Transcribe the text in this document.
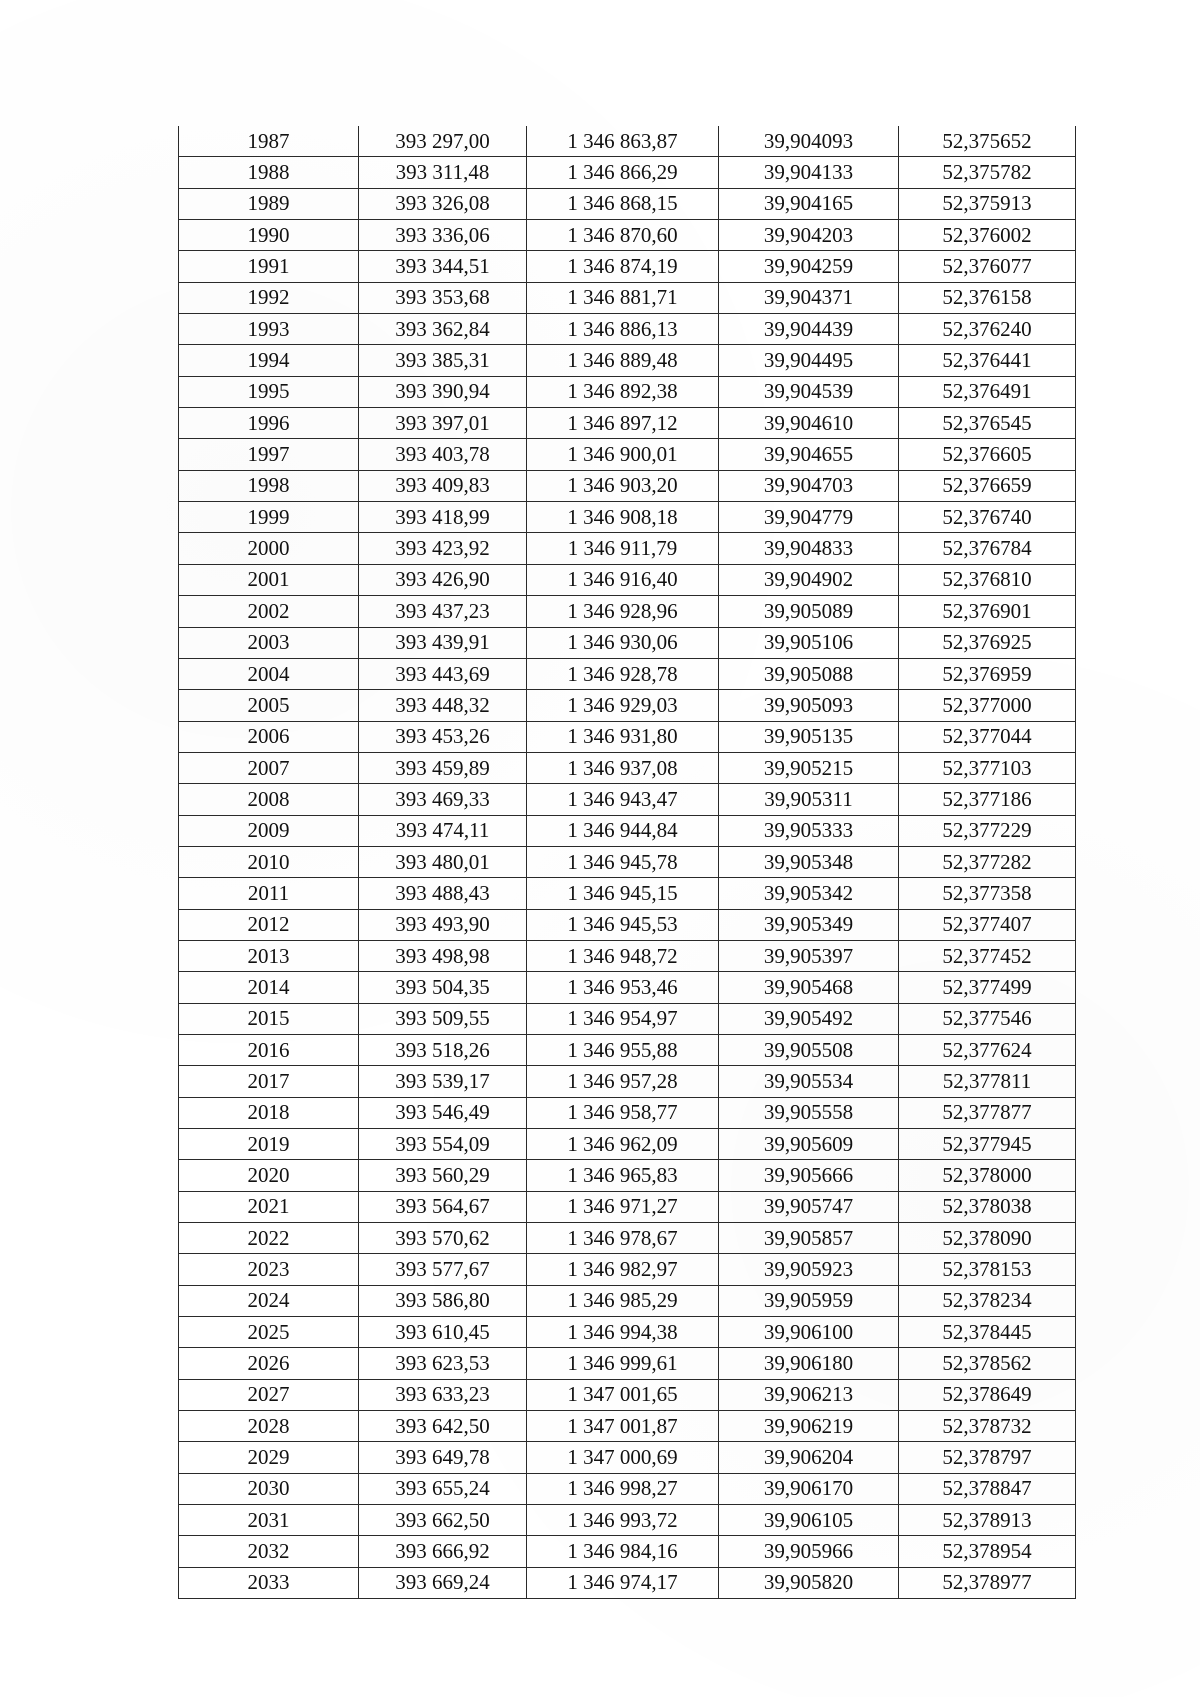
1987	393 297,00	1 346 863,87	39,904093	52,375652
1988	393 311,48	1 346 866,29	39,904133	52,375782
1989	393 326,08	1 346 868,15	39,904165	52,375913
1990	393 336,06	1 346 870,60	39,904203	52,376002
1991	393 344,51	1 346 874,19	39,904259	52,376077
1992	393 353,68	1 346 881,71	39,904371	52,376158
1993	393 362,84	1 346 886,13	39,904439	52,376240
1994	393 385,31	1 346 889,48	39,904495	52,376441
1995	393 390,94	1 346 892,38	39,904539	52,376491
1996	393 397,01	1 346 897,12	39,904610	52,376545
1997	393 403,78	1 346 900,01	39,904655	52,376605
1998	393 409,83	1 346 903,20	39,904703	52,376659
1999	393 418,99	1 346 908,18	39,904779	52,376740
2000	393 423,92	1 346 911,79	39,904833	52,376784
2001	393 426,90	1 346 916,40	39,904902	52,376810
2002	393 437,23	1 346 928,96	39,905089	52,376901
2003	393 439,91	1 346 930,06	39,905106	52,376925
2004	393 443,69	1 346 928,78	39,905088	52,376959
2005	393 448,32	1 346 929,03	39,905093	52,377000
2006	393 453,26	1 346 931,80	39,905135	52,377044
2007	393 459,89	1 346 937,08	39,905215	52,377103
2008	393 469,33	1 346 943,47	39,905311	52,377186
2009	393 474,11	1 346 944,84	39,905333	52,377229
2010	393 480,01	1 346 945,78	39,905348	52,377282
2011	393 488,43	1 346 945,15	39,905342	52,377358
2012	393 493,90	1 346 945,53	39,905349	52,377407
2013	393 498,98	1 346 948,72	39,905397	52,377452
2014	393 504,35	1 346 953,46	39,905468	52,377499
2015	393 509,55	1 346 954,97	39,905492	52,377546
2016	393 518,26	1 346 955,88	39,905508	52,377624
2017	393 539,17	1 346 957,28	39,905534	52,377811
2018	393 546,49	1 346 958,77	39,905558	52,377877
2019	393 554,09	1 346 962,09	39,905609	52,377945
2020	393 560,29	1 346 965,83	39,905666	52,378000
2021	393 564,67	1 346 971,27	39,905747	52,378038
2022	393 570,62	1 346 978,67	39,905857	52,378090
2023	393 577,67	1 346 982,97	39,905923	52,378153
2024	393 586,80	1 346 985,29	39,905959	52,378234
2025	393 610,45	1 346 994,38	39,906100	52,378445
2026	393 623,53	1 346 999,61	39,906180	52,378562
2027	393 633,23	1 347 001,65	39,906213	52,378649
2028	393 642,50	1 347 001,87	39,906219	52,378732
2029	393 649,78	1 347 000,69	39,906204	52,378797
2030	393 655,24	1 346 998,27	39,906170	52,378847
2031	393 662,50	1 346 993,72	39,906105	52,378913
2032	393 666,92	1 346 984,16	39,905966	52,378954
2033	393 669,24	1 346 974,17	39,905820	52,378977
